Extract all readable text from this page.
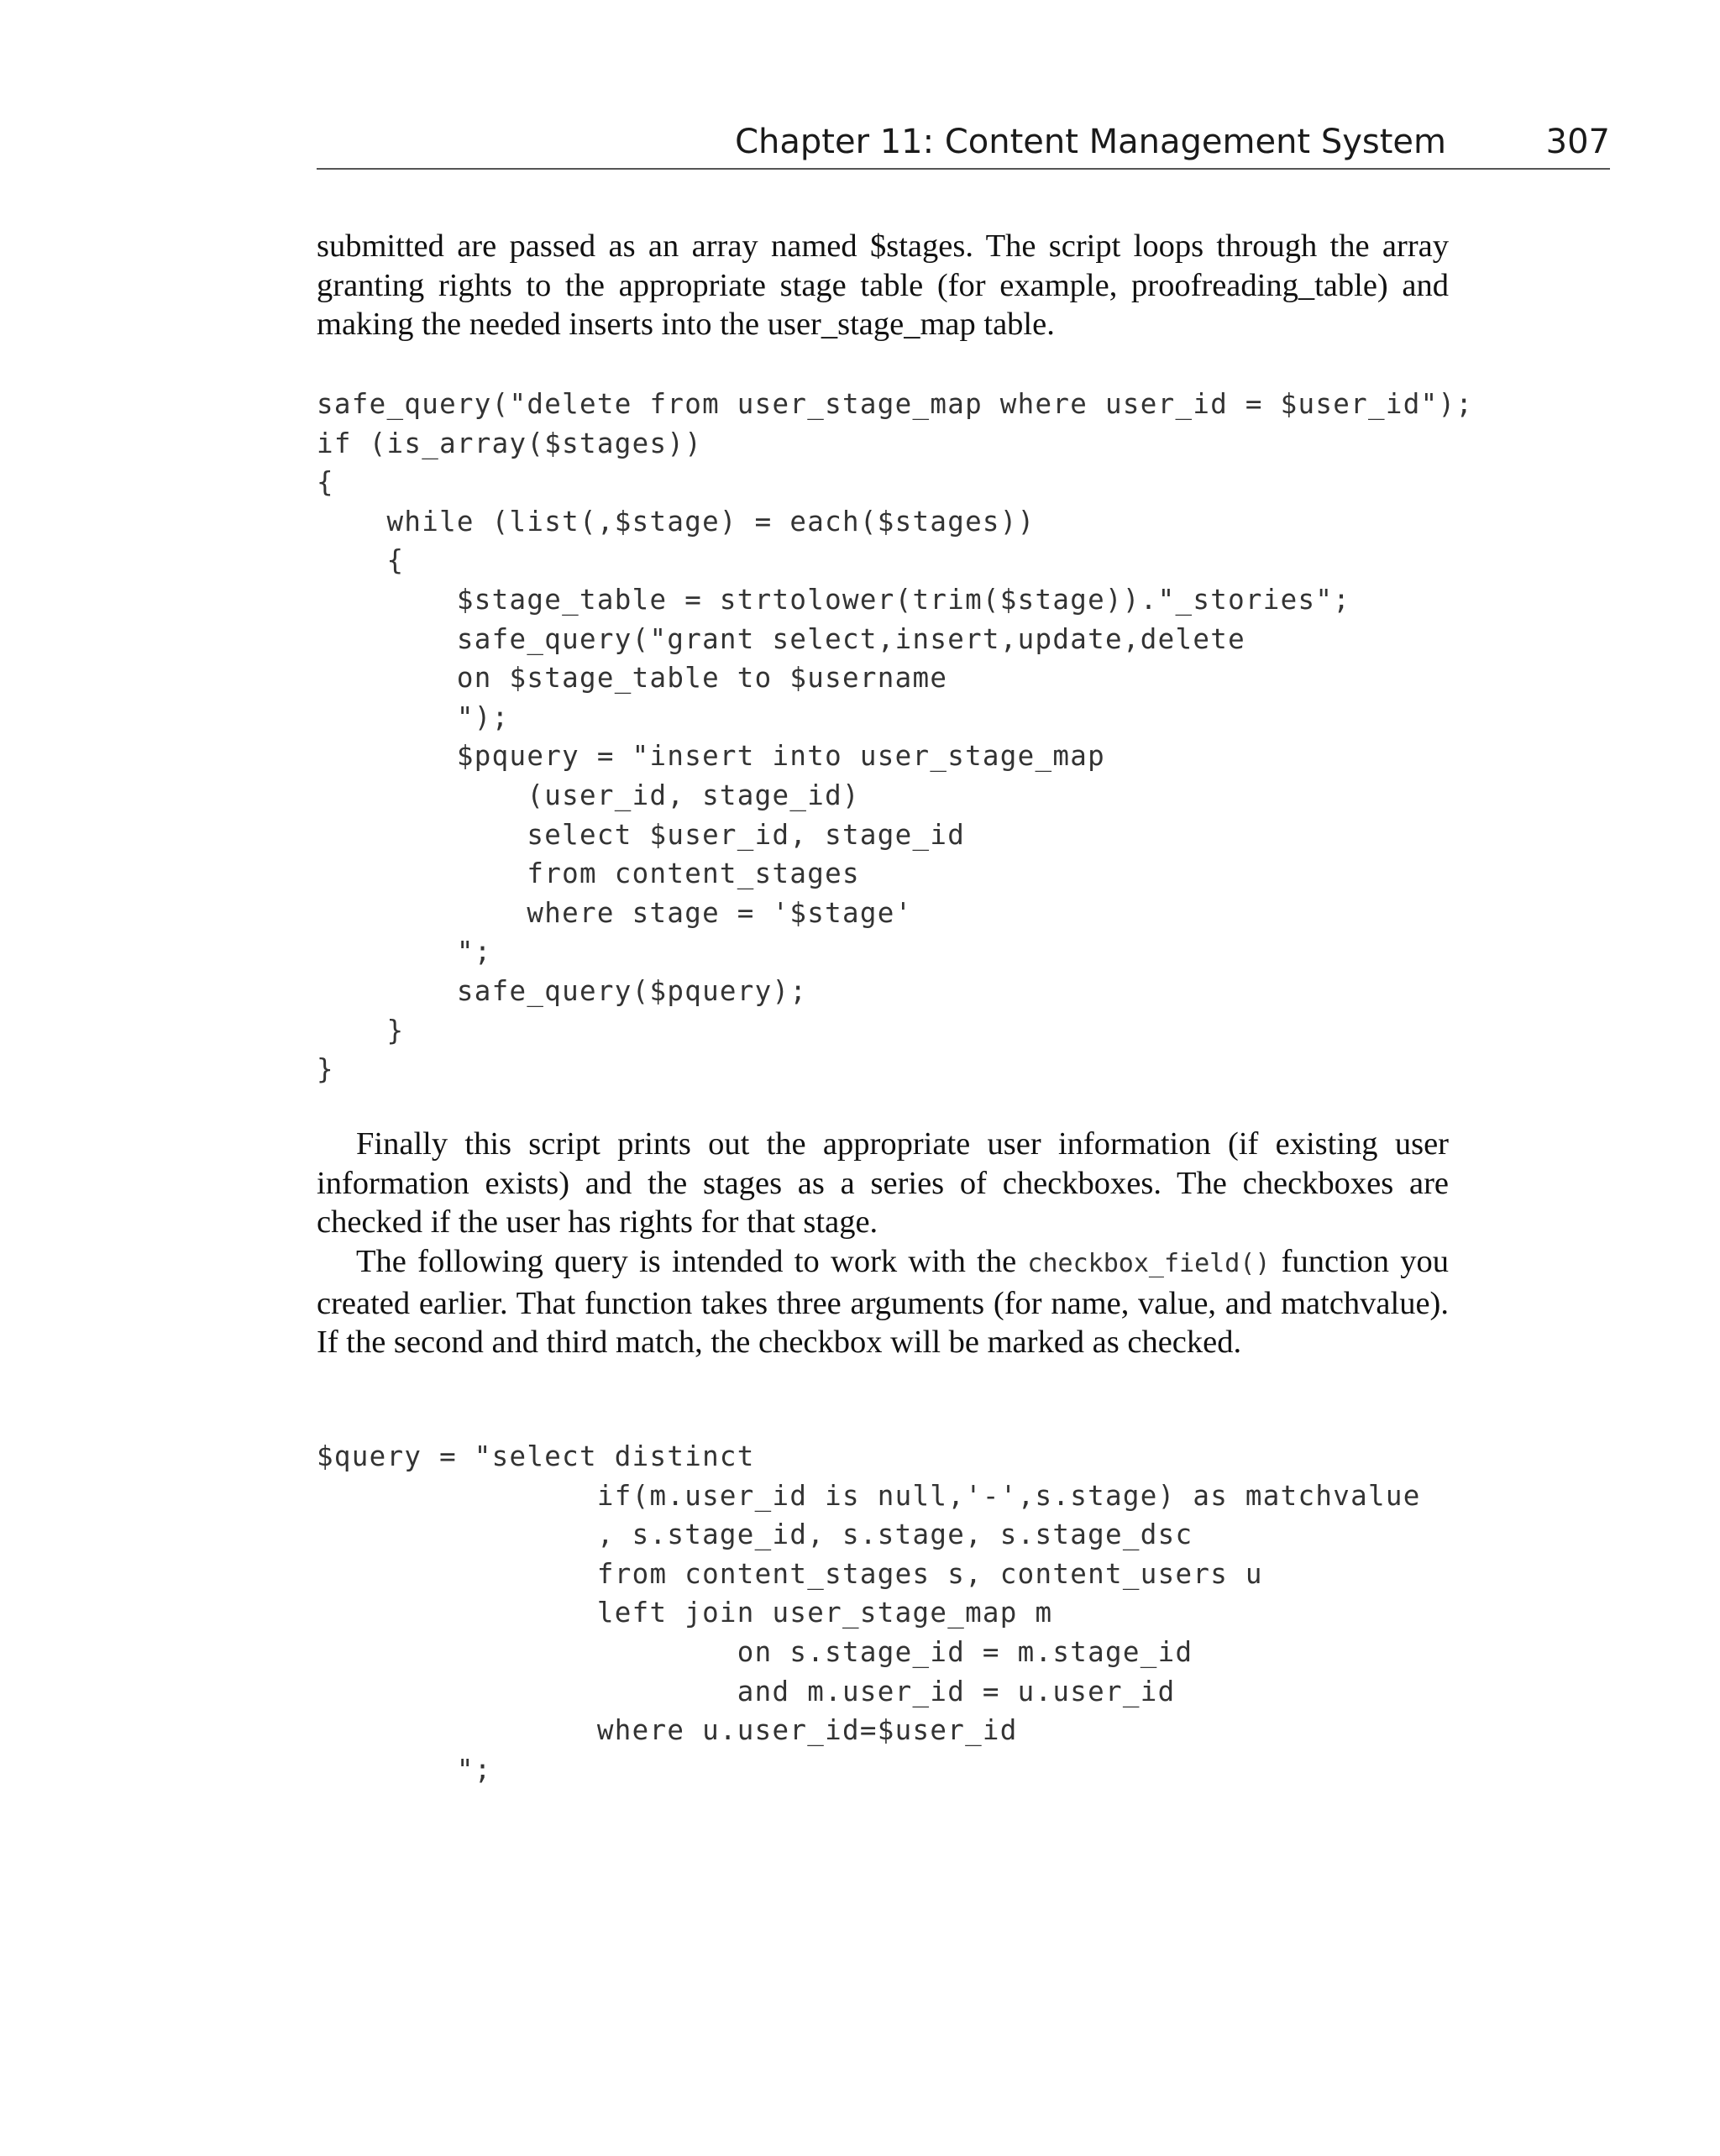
Chapter 11: Content Management System	307

submitted are passed as an array named $stages. The script loops through the array granting rights to the appropriate stage table (for example, proofreading_table) and making the needed inserts into the user_stage_map table.

safe_query("delete from user_stage_map where user_id = $user_id");
if (is_array($stages))
{
while (list(,$stage) = each($stages))
{
$stage_table = strtolower(trim($stage))."_stories";
safe_query("grant select,insert,update,delete
on $stage_table to $username
");
$pquery = "insert into user_stage_map
(user_id, stage_id)
select $user_id, stage_id
from content_stages
where stage = '$stage'
";
safe_query($pquery);
}
}

Finally this script prints out the appropriate user information (if existing user information exists) and the stages as a series of checkboxes. The checkboxes are checked if the user has rights for that stage.

The following query is intended to work with the checkbox_field() function you created earlier. That function takes three arguments (for name, value, and matchvalue). If the second and third match, the checkbox will be marked as checked.

$query = "select distinct
if(m.user_id is null,'-',s.stage) as matchvalue
, s.stage_id, s.stage, s.stage_dsc
from content_stages s, content_users u
left join user_stage_map m
on s.stage_id = m.stage_id
and m.user_id = u.user_id
where u.user_id=$user_id
";
